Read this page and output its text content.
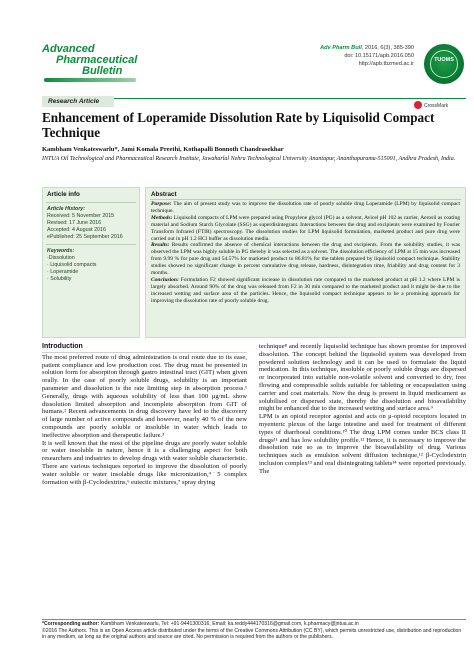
Advanced
Pharmaceutical
Bulletin
Adv Pharm Bull, 2016, 6(3), 385-390
doi: 10.15171/apb.2016.050
http://apb.tbzmed.ac.ir
TUOMS
Research Article
CrossMark
Enhancement of Loperamide Dissolution Rate by Liquisolid Compact Technique
Kambham Venkateswarlu*, Jami Komala Preethi, Kothapalli Bonnoth Chandrasekhar
INTUA Oil Technological and Pharmaceutical Research Institute, Jawaharlal Nehru Technological University Anantapur, Ananthapuramu-515001, Andhra Pradesh, India.
Article info
Article History:
Received: 5 November 2015
Revised: 17 June 2016
Accepted: 4 August 2016
ePublished: 25 September 2016
Keywords:
·Dissolution
· Liquisolid compacts
· Loperamide
· Solubility
Abstract

Purpose: The aim of present study was to improve the dissolution rate of poorly soluble drug Loperamide (LPM) by liquisolid compact technique.

Methods: Liquisolid compacts of LPM were prepared using Propylene glycol (PG) as a solvent, Avicel pH 102 as carrier, Aerosil as coating material and Sodium Starch Glycolate (SSG) as superdisintegrant. Interactions between the drug and excipients were examined by Fourier Transform Infrared (FTIR) spectroscopy. The dissolution studies for LPM liquisolid formulation, marketed product and pure drug were carried out in pH 1.2 HCl buffer as dissolution media.

Results: Results confirmed the absence of chemical interactions between the drug and excipients. From the solubility studies, it was observed the LPM was highly soluble in PG thereby it was selected as a solvent. The dissolution efficiency of LPM at 15 min was increased from 9.99 % for pure drug and 54.57% for marketed product to 86.81% for the tablets prepared by liquisolid compact technique. Stability studies showed no significant change in percent cumulative drug release, hardness, disintegration time, friability and drug content for 3 months.

Conclusion: Formulation F2 showed significant increase in dissolution rate compared to the marketed product at pH 1.2 where LPM is largely absorbed. Around 90% of the drug was released from F2 in 30 min compared to the marketed product and it might be due to the increased wetting and surface area of the particles. Hence, the liquisolid compact technique appears to be a promising approach for improving the dissolution rate of poorly soluble drug.

Introduction

The most preferred route of drug administration is oral route due to its ease, patient compliance and low production cost. The drug must be presented in solution form for absorption through gastro intestinal tract (GIT) when given orally. In the case of poorly soluble drugs, solubility is an important parameter and dissolution is the rate limiting step in absorption process.¹ Generally, drugs with aqueous solubility of less than 100 μg/mL show dissolution limited absorption and incomplete absorption from GIT of humans.² Recent advancements in drug discovery have led to the discovery of large number of active compounds and however, nearly 40 % of the new compounds are poorly soluble or insoluble in water which leads to ineffective absorption and therapeutic failure.³

It is well known that the most of the pipeline drugs are poorly water soluble or water insoluble in nature, hence it is a challenging aspect for both researchers and industries to develop drugs with water soluble characteristic. There are various techniques reported to improve the dissolution of poorly water soluble or water insolable drugs like micronization,⁴˙5 complex formation with β-Cyclodextrins,⁶ eutectic mixtures,⁷ spray drying

technique⁸ and recently liquisolid technique has shown promise for improved dissolution. The concept behind the liquisolid system was developed from powdered solution technology and it can be used to formulate the liquid medication. In this technique, insoluble or poorly soluble drugs are dispersed or incorporated into suitable non-volatile solvent and converted to dry, free flowing and compressible solids suitable for tableting or encapsulation using carrier and coat materials. Now the drug is present in liquid medicament as solubilised or dispersed state, thereby the dissolution and bioavailability might be enhanced due to the increased wetting and surface area.⁹

LPM is an opioid receptor agonist and acts on μ-opioid receptors located in myenteric plexus of the large intestine and used for treatment of different types of diarrhoeal conditions.¹⁰ The drug LPM comes under BCS class II drugs¹¹ and has low solubility profile.¹² Hence, it is necessary to improve the dissolution rate so as to improve the bioavailability of drug. Various techniques such as emulsion solvent diffusion technique,¹² β-Cyclodextrin inclusion complex¹³ and oral disintegrating tablets¹⁴ were reported previously. The

*Corresponding author: Kambham Venkateswarlu, Tel: +91-9441300316, Email: ka.reddy444170316@gmail.com, k.pharmacy@jntua.ac.in
©2016 The Authors. This is an Open Access article distributed under the terms of the Creative Commons Attribution (CC BY), which permits unrestricted use, distribution and reproduction in any medium, as long as the original authors and source are cited. No permission is required from the authors or the publishers.
